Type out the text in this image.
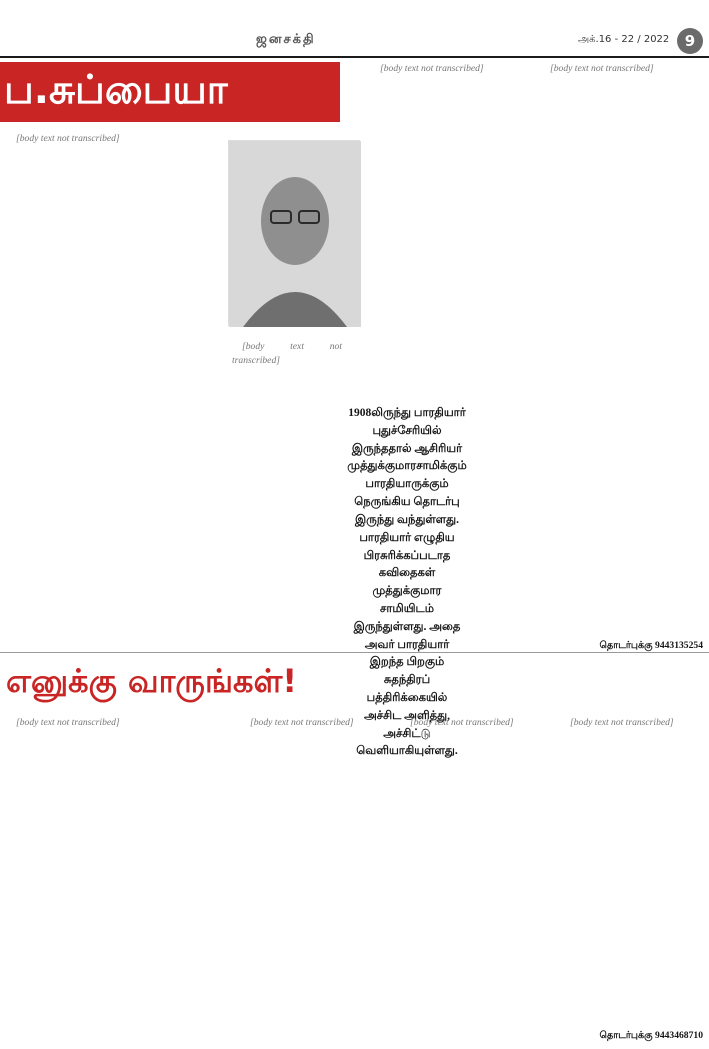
ஜனசக்தி	அக்.16 - 22 / 2022	9
ப.சுப்பையா

[body text not transcribed]

[body text not transcribed]

[body text not transcribed]	[body text not transcribed]

1908லிருந்து பாரதியார் புதுச்சேரியில் இருந்ததால் ஆசிரியர் முத்துக்குமாரசாமிக்கும் பாரதியாருக்கும் நெருங்கிய தொடர்பு இருந்து வந்துள்ளது. பாரதியார் எழுதிய பிரசுரிக்கப்படாத கவிதைகள் முத்துக்குமார சாமியிடம் இருந்துள்ளது. அதை அவர் பாரதியார் இறந்த பிறகும் சுதந்திரப் பத்திரிக்கையில் அச்சிட அளித்து, அச்சிட்டு வெளியாகியுள்ளது.
தொடர்புக்கு 9443135254
எனுக்கு வாருங்கள்!

[body text not transcribed]	[body text not transcribed]	[body text not transcribed]	[body text not transcribed]

தொடர்புக்கு 9443468710
